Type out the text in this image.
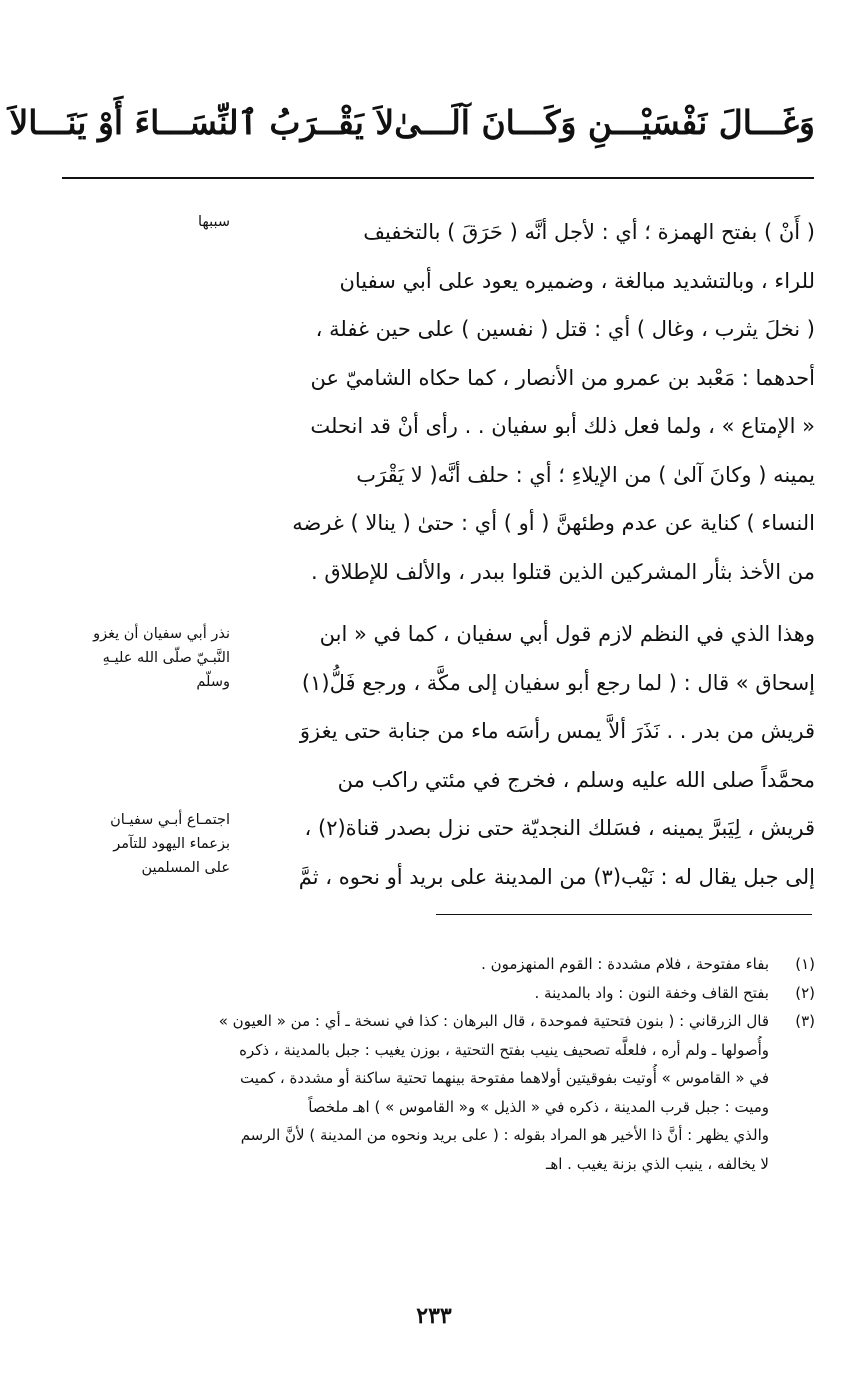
وَغَـــالَ نَفْسَيْـــنِ وَكَـــانَ آلَـــىٰ
لاَ يَقْــرَبُ ٱلنِّسَـــاءَ أَوْ يَنَـــالاَ
( أَنْ ) بفتح الهمزة ؛ أي : لأجل أنَّه ( حَرَقَ ) بالتخفيف
للراء ، وبالتشديد مبالغة ، وضميره يعود على أبي سفيان
( نخلَ يثرب ، وغال ) أي : قتل ( نفسين ) على حين غفلة ،
أحدهما : مَعْبد بن عمرو من الأنصار ، كما حكاه الشاميّ عن
« الإمتاع » ، ولما فعل ذلك أبو سفيان . . رأى أنْ قد انحلت
يمينه ( وكانَ آلىٰ ) من الإيلاءِ ؛ أي : حلف أنَّه( لا يَقْرَب
النساء ) كناية عن عدم وطئهنَّ ( أو ) أي : حتىٰ ( ينالا ) غرضه
من الأخذ بثأر المشركين الذين قتلوا ببدر ، والألف للإطلاق .
وهذا الذي في النظم لازم قول أبي سفيان ، كما في « ابن
إسحاق » قال : ( لما رجع أبو سفيان إلى مكَّة ، ورجع فَلُّ(١)
قريش من بدر . . نَذَرَ ألاَّ يمس رأسَه ماء من جنابة حتى يغزوَ
محمَّداً صلى الله عليه وسلم ، فخرج في مئتي راكب من
قريش ، لِيَبرَّ يمينه ، فسَلك النجديّة حتى نزل بصدر قناة(٢) ،
إلى جبل يقال له : نَيْب(٣) من المدينة على بريد أو نحوه ، ثمَّ
سببها
نذر أبي سفيان أن يغزو
النَّبـيّ صلّى الله عليـهِ
وسلّم
اجتمـاع أبـي سفيـان
بزعماء اليهود للتآمر
على المسلمين
(١)
بفاء مفتوحة ، فلام مشددة : القوم المنهزمون .
(٢)
بفتح القاف وخفة النون : واد بالمدينة .
(٣)
قال الزرقاني : ( بنون فتحتية فموحدة ، قال البرهان : كذا في نسخة ـ أي : من « العيون »
وأُصولها ـ ولم أره ، فلعلَّه تصحيف ينيب بفتح التحتية ، بوزن يغيب : جبل بالمدينة ، ذكره
في « القاموس » أُوتيت بفوقيتين أولاهما مفتوحة بينهما تحتية ساكنة أو مشددة ، كميت
وميت : جبل قرب المدينة ، ذكره في « الذيل » و« القاموس » ) اهـ ملخصاً
والذي يظهر : أنَّ ذا الأخير هو المراد بقوله : ( على بريد ونحوه من المدينة ) لأنَّ الرسم
لا يخالفه ، ينيب الذي بزنة يغيب . اهـ
٢٣٣
